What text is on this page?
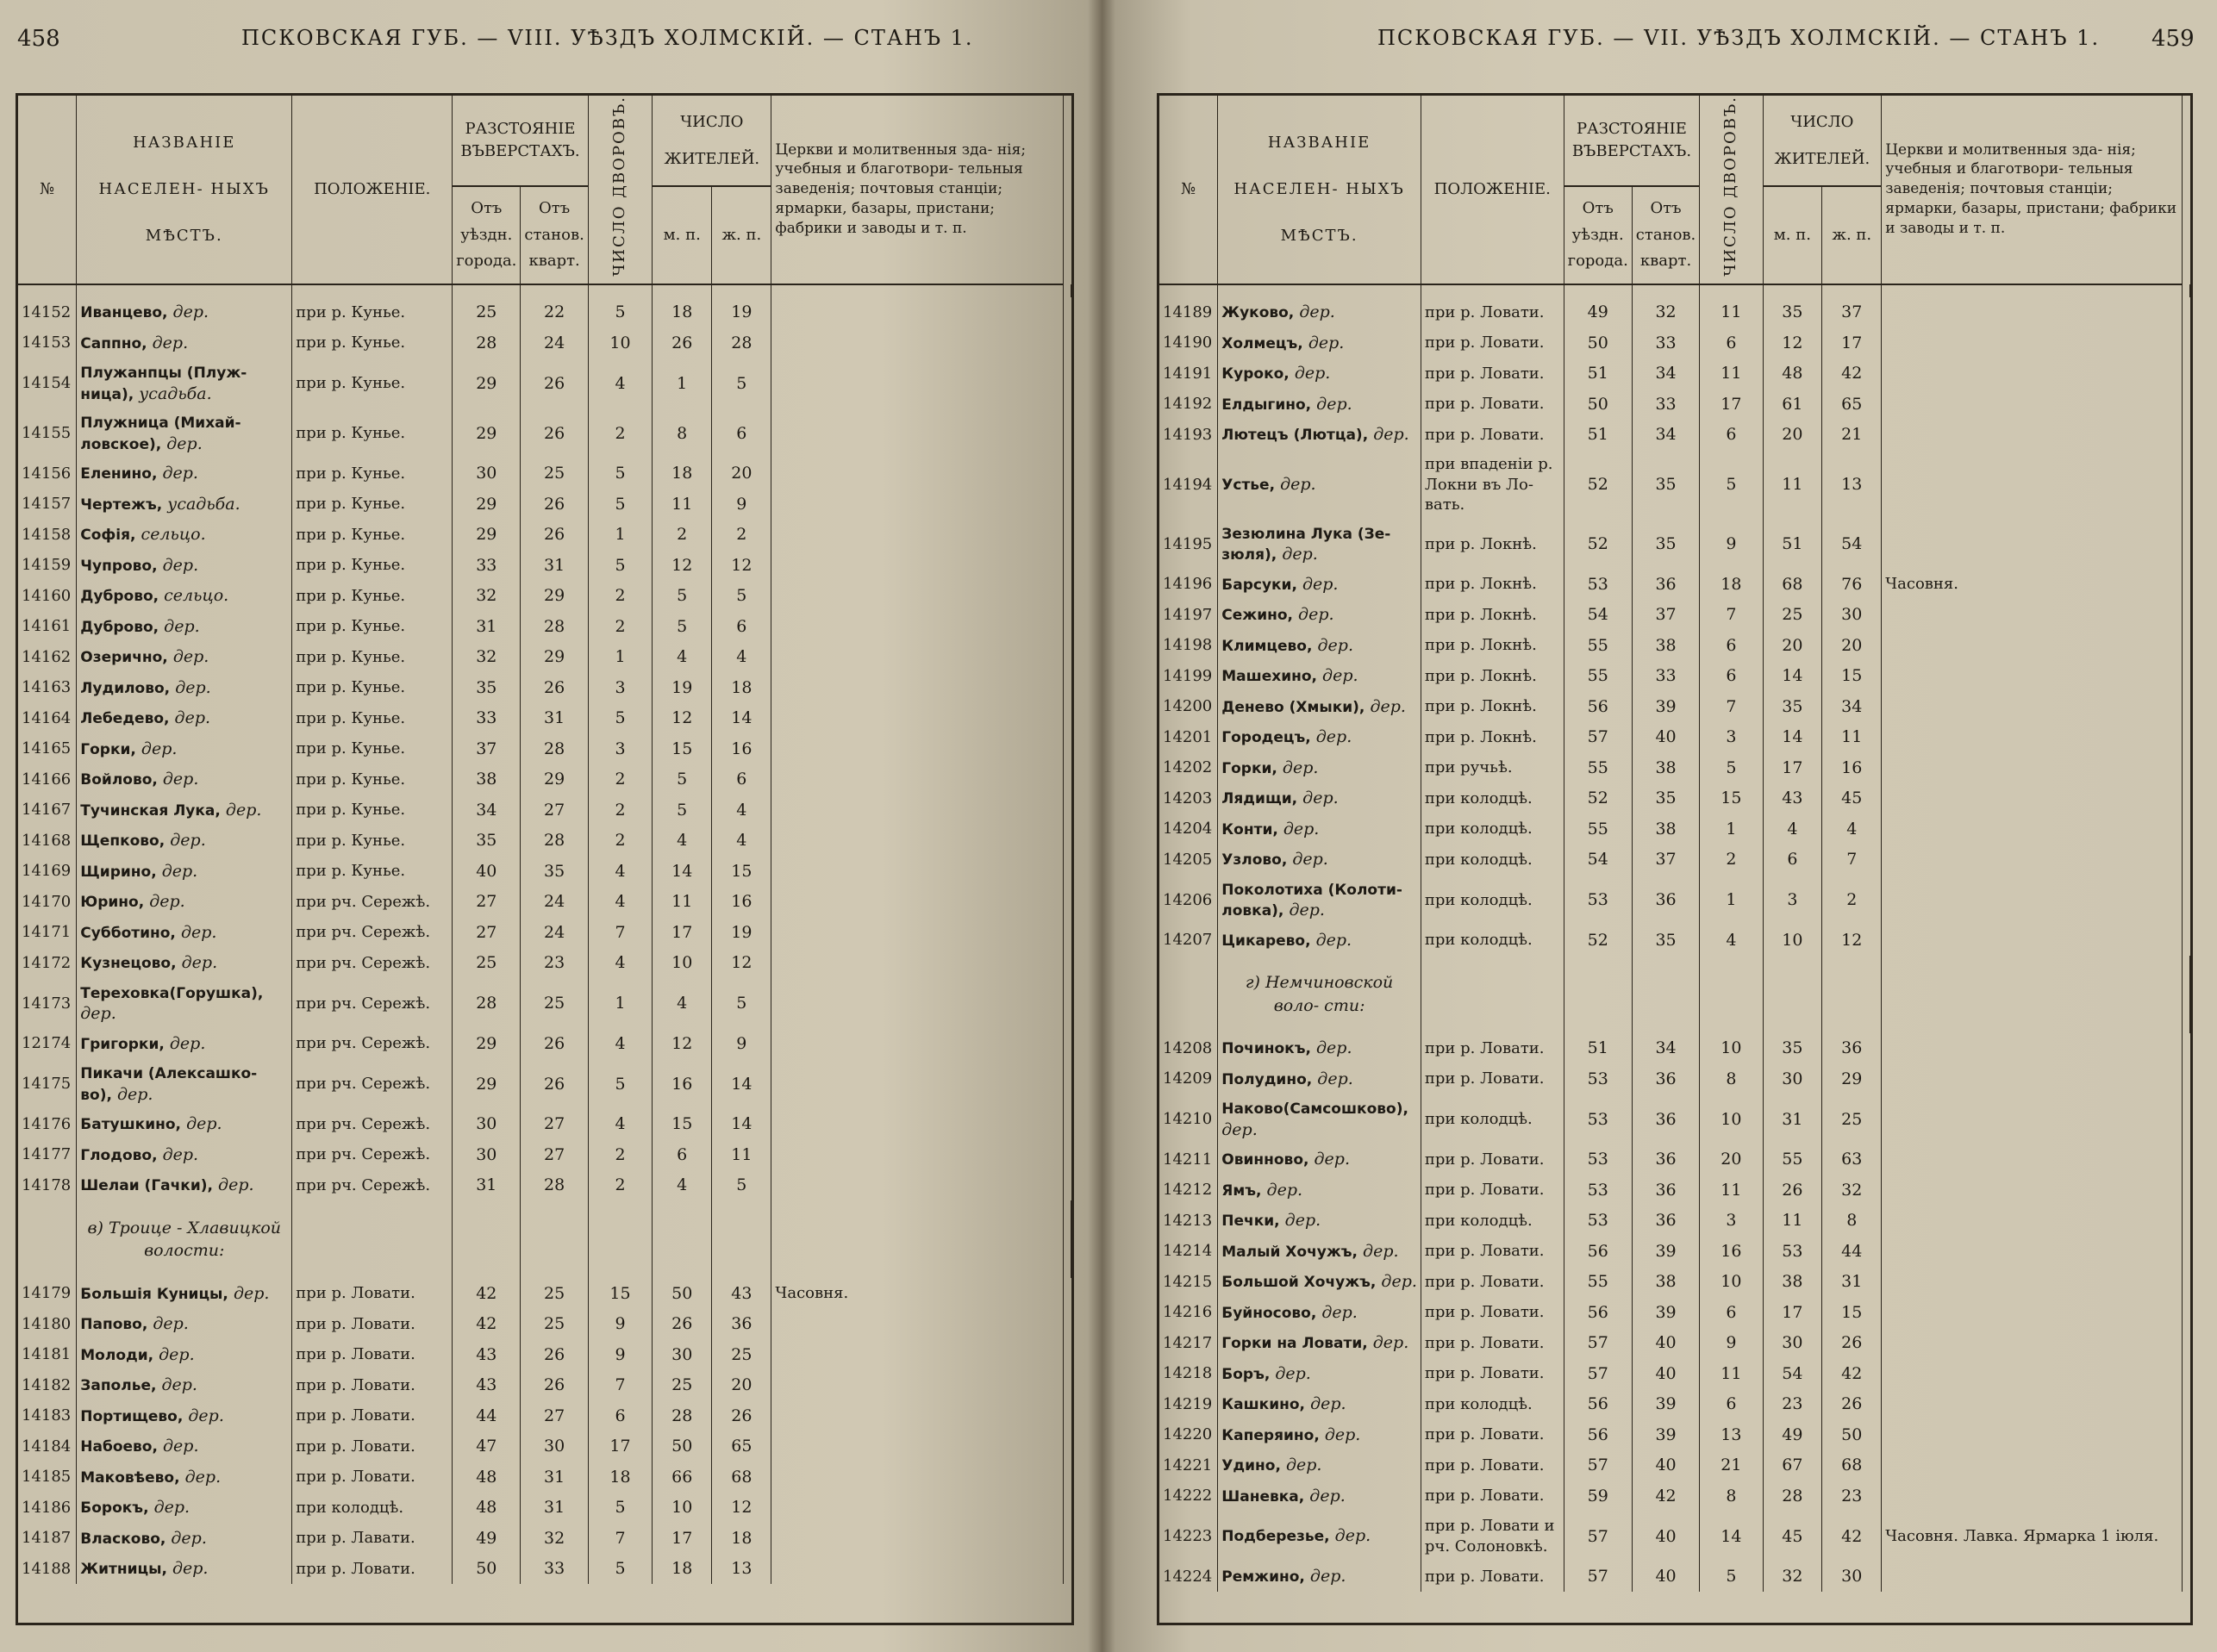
458	ПСКОВСКАЯ ГУБ. — VIII. УѢЗДЪ ХОЛМСКІЙ. — СТАНЪ 1.
№	НАЗВАНІЕ НАСЕЛЕН- НЫХЪ МѢСТЪ.	ПОЛОЖЕНІЕ.	РАЗСТОЯНІЕ ВЪВЕРСТАХЪ.		ЧИСЛО ДВОРОВЪ.	ЧИСЛО ЖИТЕЛЕЙ.		Церкви и молитвенныя зда- нія; учебныя и благотвори- тельныя заведенія; почтовыя станціи; ярмарки, базары, пристани; фабрики и заводы и т. п.	
			Отъ уѣздн. города.	Отъ станов. кварт.		м. п.	ж. п.		

14152	Иванцево, дер.	при р. Кунье.	25	22	5	18	19		
14153	Саппно, дер.	при р. Кунье.	28	24	10	26	28		
14154	Плужанпцы (Плуж- ница), усадьба.	при р. Кунье.	29	26	4	1	5		
14155	Плужница (Михай- ловское), дер.	при р. Кунье.	29	26	2	8	6		
14156	Еленино, дер.	при р. Кунье.	30	25	5	18	20		
14157	Чертежъ, усадьба.	при р. Кунье.	29	26	5	11	9		
14158	Софія, сельцо.	при р. Кунье.	29	26	1	2	2		
14159	Чупрово, дер.	при р. Кунье.	33	31	5	12	12		
14160	Дуброво, сельцо.	при р. Кунье.	32	29	2	5	5		
14161	Дуброво, дер.	при р. Кунье.	31	28	2	5	6		
14162	Озерично, дер.	при р. Кунье.	32	29	1	4	4		
14163	Лудилово, дер.	при р. Кунье.	35	26	3	19	18		
14164	Лебедево, дер.	при р. Кунье.	33	31	5	12	14		
14165	Горки, дер.	при р. Кунье.	37	28	3	15	16		
14166	Войлово, дер.	при р. Кунье.	38	29	2	5	6		
14167	Тучинская Лука, дер.	при р. Кунье.	34	27	2	5	4		
14168	Щепково, дер.	при р. Кунье.	35	28	2	4	4		
14169	Щирино, дер.	при р. Кунье.	40	35	4	14	15		
14170	Юрино, дер.	при рч. Сережѣ.	27	24	4	11	16		
14171	Субботино, дер.	при рч. Сережѣ.	27	24	7	17	19		
14172	Кузнецово, дер.	при рч. Сережѣ.	25	23	4	10	12		
14173	Тереховка(Горушка), дер.	при рч. Сережѣ.	28	25	1	4	5		
12174	Григорки, дер.	при рч. Сережѣ.	29	26	4	12	9		
14175	Пикачи (Алексашко- во), дер.	при рч. Сережѣ.	29	26	5	16	14		
14176	Батушкино, дер.	при рч. Сережѣ.	30	27	4	15	14		
14177	Глодово, дер.	при рч. Сережѣ.	30	27	2	6	11		
14178	Шелаи (Гачки), дер.	при рч. Сережѣ.	31	28	2	4	5		
	в) Троице - Хлавицкой волости:								
14179	Большія Куницы, дер.	при р. Ловати.	42	25	15	50	43	Часовня.	
14180	Папово, дер.	при р. Ловати.	42	25	9	26	36		
14181	Молоди, дер.	при р. Ловати.	43	26	9	30	25		
14182	Заполье, дер.	при р. Ловати.	43	26	7	25	20		
14183	Портищево, дер.	при р. Ловати.	44	27	6	28	26		
14184	Набоево, дер.	при р. Ловати.	47	30	17	50	65		
14185	Маковѣево, дер.	при р. Ловати.	48	31	18	66	68		
14186	Борокъ, дер.	при колодцѣ.	48	31	5	10	12		
14187	Власково, дер.	при р. Лавати.	49	32	7	17	18		
14188	Житницы, дер.	при р. Ловати.	50	33	5	18	13		
ПСКОВСКАЯ ГУБ. — VII. УѢЗДЪ ХОЛМСКІЙ. — СТАНЪ 1. 459
№	НАЗВАНІЕ НАСЕЛЕН- НЫХЪ МѢСТЪ.	ПОЛОЖЕНІЕ.	РАЗСТОЯНІЕ ВЪВЕРСТАХЪ.		ЧИСЛО ДВОРОВЪ.	ЧИСЛО ЖИТЕЛЕЙ.		Церкви и молитвенныя зда- нія; учебныя и благотвори- тельныя заведенія; почтовыя станціи; ярмарки, базары, пристани; фабрики и заводы и т. п.	
			Отъ уѣздн. города.	Отъ станов. кварт.		м. п.	ж. п.		

14189	Жуково, дер.	при р. Ловати.	49	32	11	35	37		
14190	Холмецъ, дер.	при р. Ловати.	50	33	6	12	17		
14191	Куроко, дер.	при р. Ловати.	51	34	11	48	42		
14192	Елдыгино, дер.	при р. Ловати.	50	33	17	61	65		
14193	Лютецъ (Лютца), дер.	при р. Ловати.	51	34	6	20	21		
14194	Устье, дер.	при впаденіи р. Локни въ Ло- вать.	52	35	5	11	13		
14195	Зезюлина Лука (Зе- зюля), дер.	при р. Локнѣ.	52	35	9	51	54		
14196	Барсуки, дер.	при р. Локнѣ.	53	36	18	68	76	Часовня.	
14197	Сежино, дер.	при р. Локнѣ.	54	37	7	25	30		
14198	Климцево, дер.	при р. Локнѣ.	55	38	6	20	20		
14199	Машехино, дер.	при р. Локнѣ.	55	33	6	14	15		
14200	Денево (Хмыки), дер.	при р. Локнѣ.	56	39	7	35	34		
14201	Городецъ, дер.	при р. Локнѣ.	57	40	3	14	11		
14202	Горки, дер.	при ручьѣ.	55	38	5	17	16		
14203	Лядищи, дер.	при колодцѣ.	52	35	15	43	45		
14204	Конти, дер.	при колодцѣ.	55	38	1	4	4		
14205	Узлово, дер.	при колодцѣ.	54	37	2	6	7		
14206	Поколотиха (Колоти- ловка), дер.	при колодцѣ.	53	36	1	3	2		
14207	Цикарево, дер.	при колодцѣ.	52	35	4	10	12		
	г) Немчиновской воло- сти:								
14208	Починокъ, дер.	при р. Ловати.	51	34	10	35	36		
14209	Полудино, дер.	при р. Ловати.	53	36	8	30	29		
14210	Наково(Самсошково), дер.	при колодцѣ.	53	36	10	31	25		
14211	Овинново, дер.	при р. Ловати.	53	36	20	55	63		
14212	Ямъ, дер.	при р. Ловати.	53	36	11	26	32		
14213	Печки, дер.	при колодцѣ.	53	36	3	11	8		
14214	Малый Хочужъ, дер.	при р. Ловати.	56	39	16	53	44		
14215	Большой Хочужъ, дер.	при р. Ловати.	55	38	10	38	31		
14216	Буйносово, дер.	при р. Ловати.	56	39	6	17	15		
14217	Горки на Ловати, дер.	при р. Ловати.	57	40	9	30	26		
14218	Боръ, дер.	при р. Ловати.	57	40	11	54	42		
14219	Кашкино, дер.	при колодцѣ.	56	39	6	23	26		
14220	Каперяино, дер.	при р. Ловати.	56	39	13	49	50		
14221	Удино, дер.	при р. Ловати.	57	40	21	67	68		
14222	Шаневка, дер.	при р. Ловати.	59	42	8	28	23		
14223	Подберезье, дер.	при р. Ловати и рч. Солоновкѣ.	57	40	14	45	42	Часовня. Лавка. Ярмарка 1 іюля.	
14224	Ремжино, дер.	при р. Ловати.	57	40	5	32	30		
